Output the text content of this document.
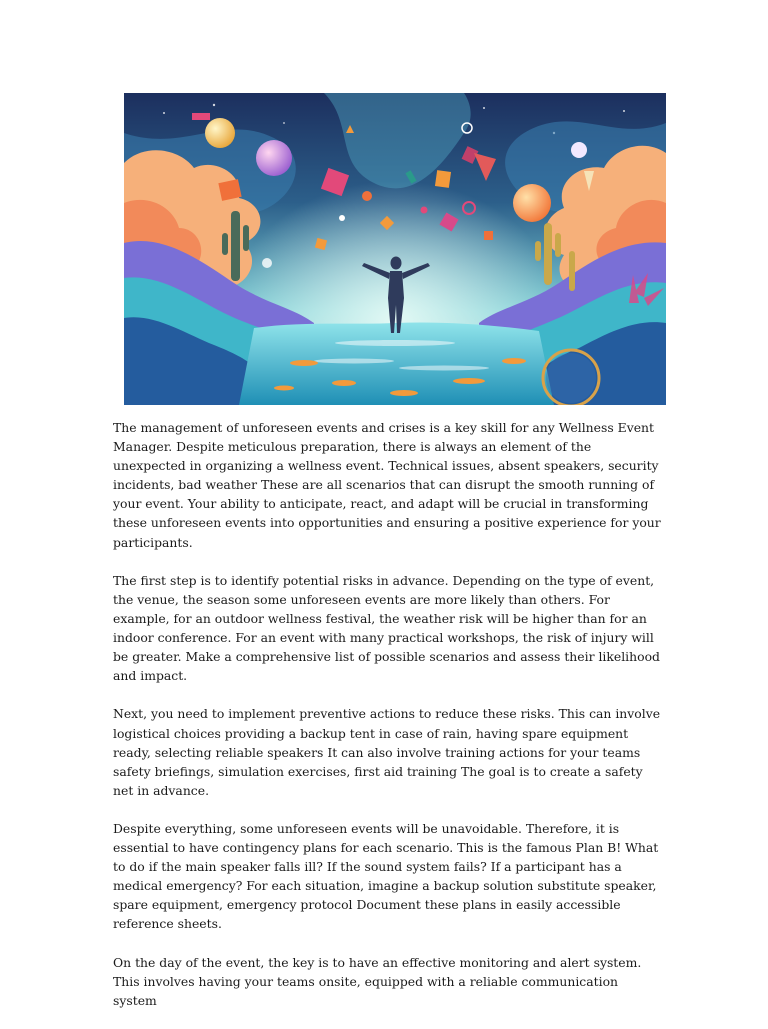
The management of unforeseen events and crises is a key skill for any Wellness Event Manager. Despite meticulous preparation, there is always an element of the unexpected in organizing a wellness event. Technical issues, absent speakers, security incidents, bad weather These are all scenarios that can disrupt the smooth running of your event. Your ability to anticipate, react, and adapt will be crucial in transforming these unforeseen events into opportunities and ensuring a positive experience for your participants.

The first step is to identify potential risks in advance. Depending on the type of event, the venue, the season some unforeseen events are more likely than others. For example, for an outdoor wellness festival, the weather risk will be higher than for an indoor conference. For an event with many practical workshops, the risk of injury will be greater. Make a comprehensive list of possible scenarios and assess their likelihood and impact.

Next, you need to implement preventive actions to reduce these risks. This can involve logistical choices providing a backup tent in case of rain, having spare equipment ready, selecting reliable speakers It can also involve training actions for your teams safety briefings, simulation exercises, first aid training The goal is to create a safety net in advance.

Despite everything, some unforeseen events will be unavoidable. Therefore, it is essential to have contingency plans for each scenario. This is the famous Plan B! What to do if the main speaker falls ill? If the sound system fails? If a participant has a medical emergency? For each situation, imagine a backup solution substitute speaker, spare equipment, emergency protocol Document these plans in easily accessible reference sheets.

On the day of the event, the key is to have an effective monitoring and alert system. This involves having your teams onsite, equipped with a reliable communication system
